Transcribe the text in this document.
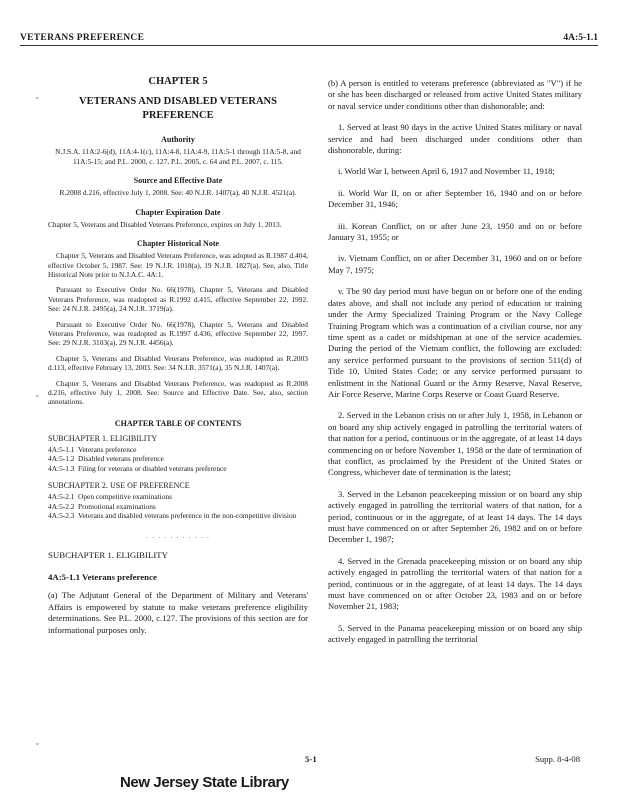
VETERANS PREFERENCE	4A:5-1.1
⌄
⌄
⌄
CHAPTER 5
VETERANS AND DISABLED VETERANS PREFERENCE
Authority

N.J.S.A. 11A:2-6(d), 11A:4-1(c), 11A:4-8, 11A:4-9, 11A:5-1 through 11A:5-8, and 11A:5-15; and P.L. 2000, c. 127, P.L. 2005, c. 64 and P.L. 2007, c. 115.

Source and Effective Date

R.2008 d.216, effective July 1, 2008. See: 40 N.J.R. 1407(a), 40 N.J.R. 4521(a).

Chapter Expiration Date

Chapter 5, Veterans and Disabled Veterans Preference, expires on July 1, 2013.

Chapter Historical Note

Chapter 5, Veterans and Disabled Veterans Preference, was adopted as R.1987 d.404, effective October 5, 1987. See: 19 N.J.R. 1018(a), 19 N.J.R. 1827(a). See, also, Title Historical Note prior to N.J.A.C. 4A:1.

Pursuant to Executive Order No. 66(1978), Chapter 5, Veterans and Disabled Veterans Preference, was readopted as R.1992 d.415, effective September 22, 1992. See: 24 N.J.R. 2495(a), 24 N.J.R. 3719(a).

Pursuant to Executive Order No. 66(1978), Chapter 5, Veterans and Disabled Veterans Preference, was readopted as R.1997 d.436, effective September 22, 1997. See: 29 N.J.R. 3103(a), 29 N.J.R. 4456(a).

Chapter 5, Veterans and Disabled Veterans Preference, was readopted as R.2003 d.113, effective February 13, 2003. See: 34 N.J.R. 3571(a), 35 N.J.R. 1407(a).

Chapter 5, Veterans and Disabled Veterans Preference, was readopted as R.2008 d.216, effective July 1, 2008. See: Source and Effective Date. See, also, section annotations.

CHAPTER TABLE OF CONTENTS
SUBCHAPTER 1. ELIGIBILITY
4A:5-1.1 Veterans preference
4A:5-1.2 Disabled veterans preference
4A:5-1.3 Filing for veterans or disabled veterans preference
SUBCHAPTER 2. USE OF PREFERENCE
4A:5-2.1 Open competitive examinations
4A:5-2.2 Promotional examinations
4A:5-2.3 Veterans and disabled veterans preference in the non-competitive division
· · · · · · · · · · ·
SUBCHAPTER 1. ELIGIBILITY
4A:5-1.1 Veterans preference

(a) The Adjutant General of the Department of Military and Veterans' Affairs is empowered by statute to make veterans preference eligibility determinations. See P.L. 2000, c.127. The provisions of this section are for informational purposes only.

(b) A person is entitled to veterans preference (abbreviated as "V") if he or she has been discharged or released from active United States military or naval service under conditions other than dishonorable; and:

1. Served at least 90 days in the active United States military or naval service and had been discharged under conditions other than dishonorable, during:

i. World War I, between April 6, 1917 and November 11, 1918;

ii. World War II, on or after September 16, 1940 and on or before December 31, 1946;

iii. Korean Conflict, on or after June 23, 1950 and on or before January 31, 1955; or

iv. Vietnam Conflict, on or after December 31, 1960 and on or before May 7, 1975;

v. The 90 day period must have begun on or before one of the ending dates above, and shall not include any period of education or training under the Army Specialized Training Program or the Navy College Training Program which was a continuation of a civilian course, nor any time spent as a cadet or midshipman at one of the service academies. During the period of the Vietnam conflict, the following are excluded: any service performed pursuant to the provisions of section 511(d) of Title 10, United States Code; or any service performed pursuant to enlistment in the National Guard or the Army Reserve, Naval Reserve, Air Force Reserve, Marine Corps Reserve or Coast Guard Reserve.

2. Served in the Lebanon crisis on or after July 1, 1958, in Lebanon or on board any ship actively engaged in patrolling the territorial waters of that nation for a period, continuous or in the aggregate, of at least 14 days commencing on or before November 1, 1958 or the date of termination of that conflict, as proclaimed by the President of the United States or Congress, whichever date of termination is the latest;

3. Served in the Lebanon peacekeeping mission or on board any ship actively engaged in patrolling the territorial waters of that nation, for a period, continuous or in the aggregate, of at least 14 days. The 14 days must have commenced on or after September 26, 1982 and on or before December 1, 1987;

4. Served in the Grenada peacekeeping mission or on board any ship actively engaged in patrolling the territorial waters of that nation for a period, continuous or in the aggregate, of at least 14 days. The 14 days must have commenced on or after October 23, 1983 and on or before November 21, 1983;

5. Served in the Panama peacekeeping mission or on board any ship actively engaged in patrolling the territorial

5-1	Supp. 8-4-08
New Jersey State Library
